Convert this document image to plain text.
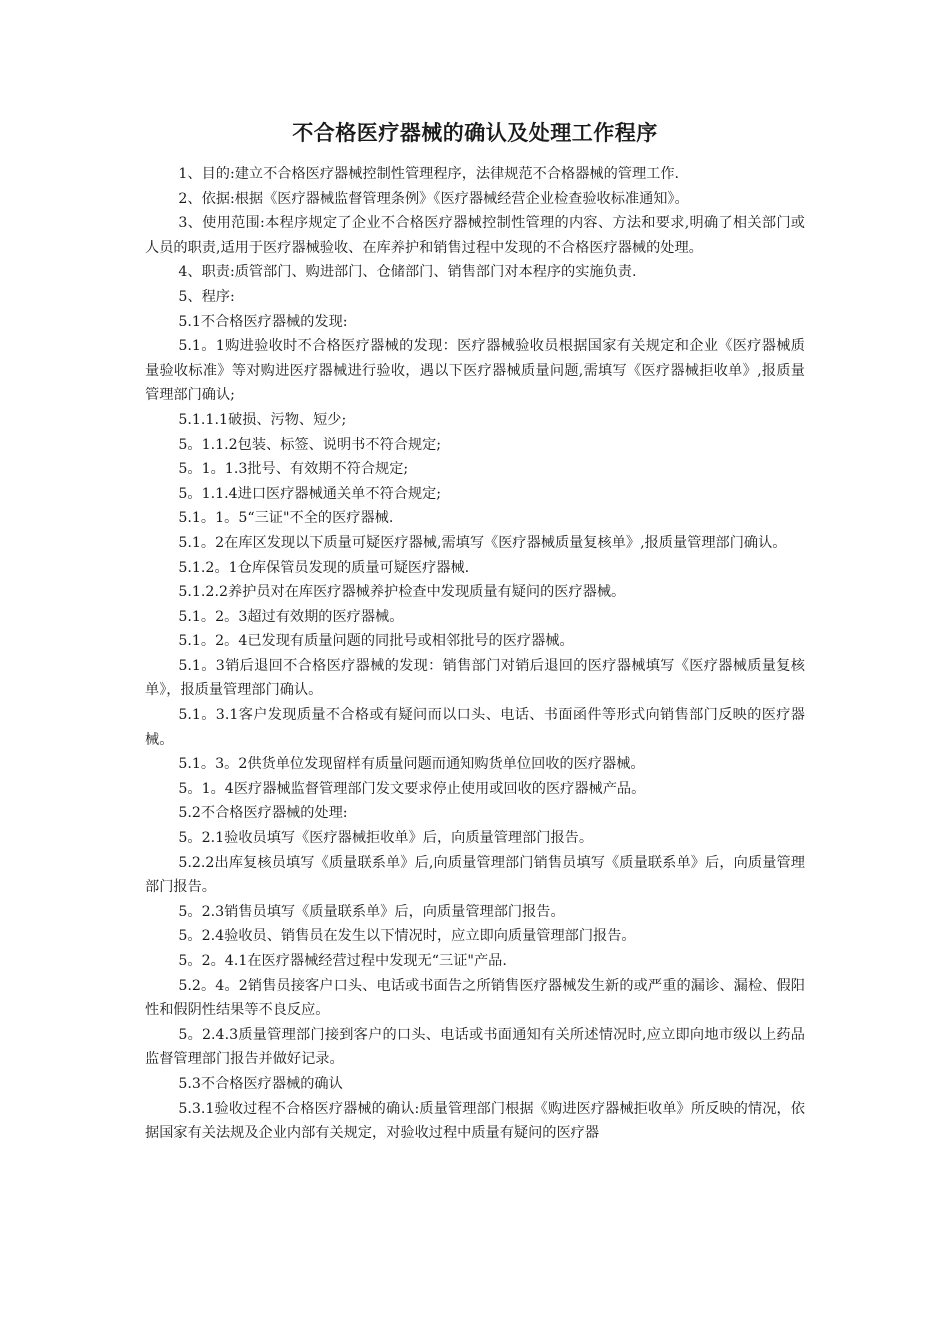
不合格医疗器械的确认及处理工作程序

1、目的:建立不合格医疗器械控制性管理程序，法律规范不合格器械的管理工作.

2、依据:根据《医疗器械监督管理条例》《医疗器械经营企业检查验收标准通知》。

3、使用范围:本程序规定了企业不合格医疗器械控制性管理的内容、方法和要求,明确了相关部门或人员的职责,适用于医疗器械验收、在库养护和销售过程中发现的不合格医疗器械的处理。

4、职责:质管部门、购进部门、仓储部门、销售部门对本程序的实施负责.

5、程序:

5.1不合格医疗器械的发现:

5.1。1购进验收时不合格医疗器械的发现：医疗器械验收员根据国家有关规定和企业《医疗器械质量验收标准》等对购进医疗器械进行验收，遇以下医疗器械质量问题,需填写《医疗器械拒收单》,报质量管理部门确认;

5.1.1.1破损、污物、短少;

5。1.1.2包装、标签、说明书不符合规定;

5。1。1.3批号、有效期不符合规定;

5。1.1.4进口医疗器械通关单不符合规定;

5.1。1。5“三证"不全的医疗器械.

5.1。2在库区发现以下质量可疑医疗器械,需填写《医疗器械质量复核单》,报质量管理部门确认。

5.1.2。1仓库保管员发现的质量可疑医疗器械.

5.1.2.2养护员对在库医疗器械养护检查中发现质量有疑问的医疗器械。

5.1。2。3超过有效期的医疗器械。

5.1。2。4已发现有质量问题的同批号或相邻批号的医疗器械。

5.1。3销后退回不合格医疗器械的发现：销售部门对销后退回的医疗器械填写《医疗器械质量复核单》，报质量管理部门确认。

5.1。3.1客户发现质量不合格或有疑问而以口头、电话、书面函件等形式向销售部门反映的医疗器械。

5.1。3。2供货单位发现留样有质量问题而通知购货单位回收的医疗器械。

5。1。4医疗器械监督管理部门发文要求停止使用或回收的医疗器械产品。

5.2不合格医疗器械的处理:

5。2.1验收员填写《医疗器械拒收单》后，向质量管理部门报告。

5.2.2出库复核员填写《质量联系单》后,向质量管理部门销售员填写《质量联系单》后，向质量管理部门报告。

5。2.3销售员填写《质量联系单》后，向质量管理部门报告。

5。2.4验收员、销售员在发生以下情况时，应立即向质量管理部门报告。

5。2。4.1在医疗器械经营过程中发现无“三证"产品.

5.2。4。2销售员接客户口头、电话或书面告之所销售医疗器械发生新的或严重的漏诊、漏检、假阳性和假阴性结果等不良反应。

5。2.4.3质量管理部门接到客户的口头、电话或书面通知有关所述情况时,应立即向地市级以上药品监督管理部门报告并做好记录。

5.3不合格医疗器械的确认

5.3.1验收过程不合格医疗器械的确认:质量管理部门根据《购进医疗器械拒收单》所反映的情况，依据国家有关法规及企业内部有关规定，对验收过程中质量有疑问的医疗器
